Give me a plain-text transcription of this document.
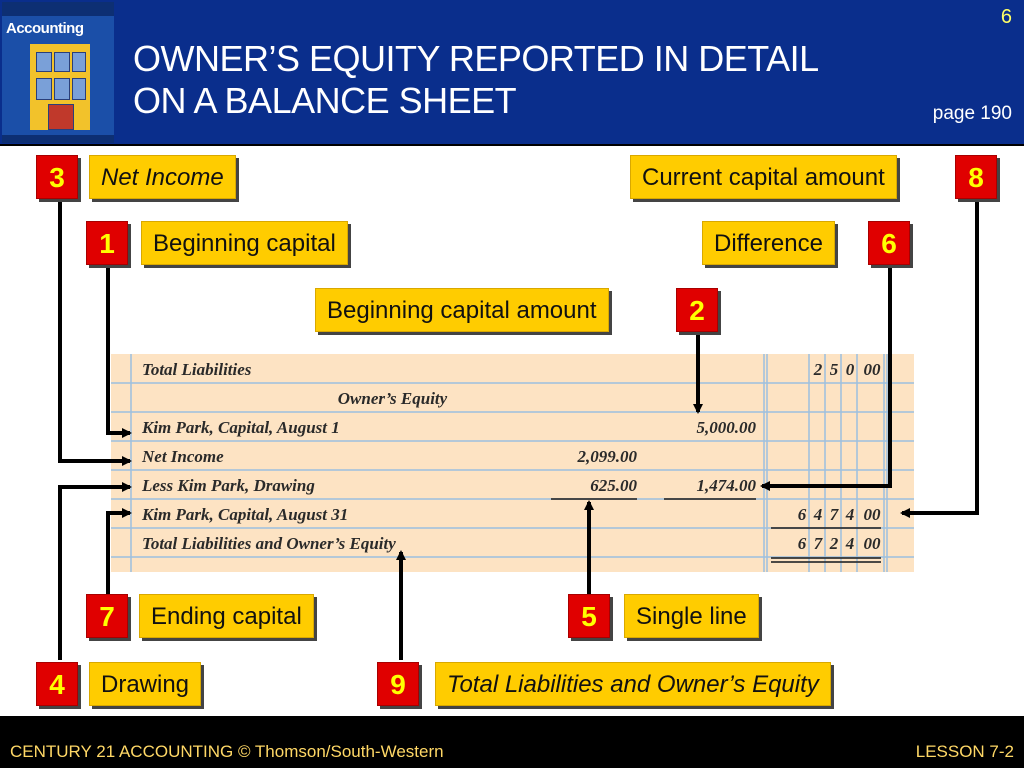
Accounting
OWNER’S EQUITY REPORTED IN DETAIL
ON A BALANCE SHEET
6
page 190
Total Liabilities	2 5 0 00
Owner’s Equity
Kim Park, Capital, August 1	5,000.00
Net Income	2,099.00
Less Kim Park, Drawing	625.00	1,474.00
Kim Park, Capital, August 31	6 4 7 4 00
Total Liabilities and Owner’s Equity	6 7 2 4 00
3	Net Income	Current capital amount	8
1	Beginning capital	Difference	6
Beginning capital amount	2
7	Ending capital	5	Single line
4	Drawing	9	Total Liabilities and Owner’s Equity
CENTURY 21 ACCOUNTING © Thomson/South-Western	LESSON 7-2
